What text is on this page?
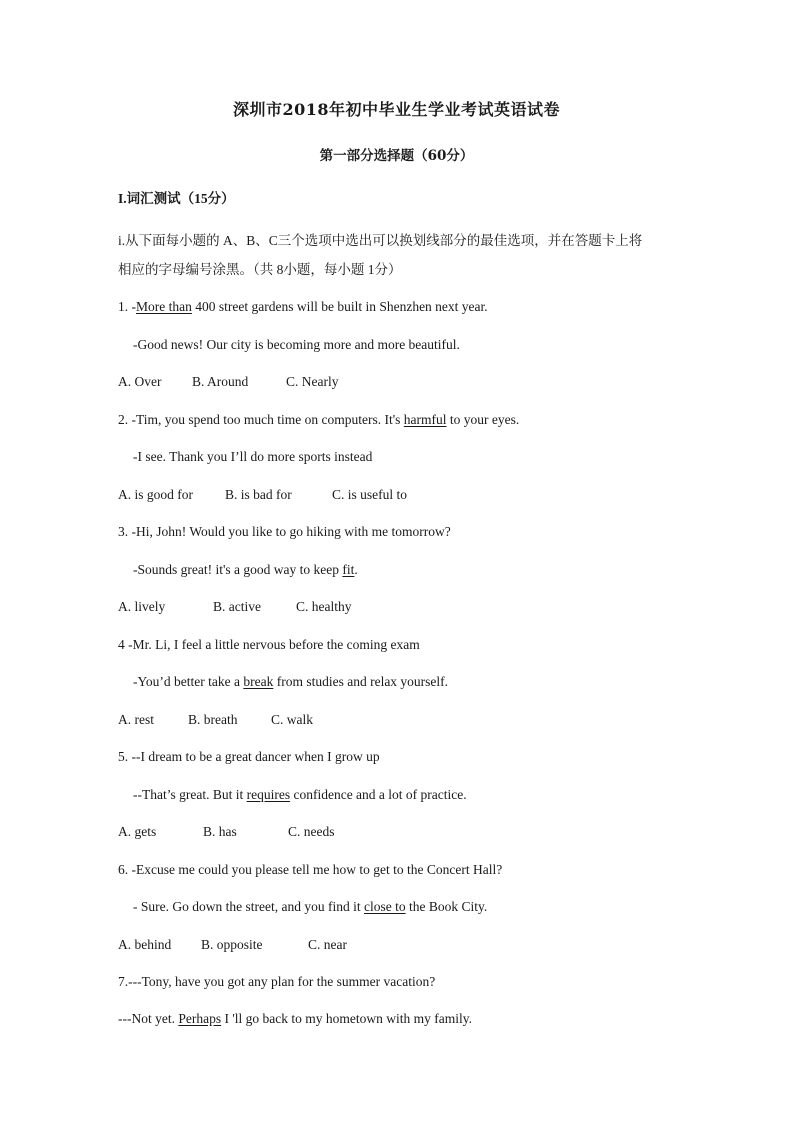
深圳市2018年初中毕业生学业考试英语试卷
第一部分选择题（60分）
I.词汇测试（15分）
i.从下面每小题的 A、B、C三个选项中选出可以换划线部分的最佳选项，并在答题卡上将
相应的字母编号涂黑。（共 8小题，每小题 1分）
1. -More than 400 street gardens will be built in Shenzhen next year.
-Good news! Our city is becoming more and more beautiful.
A. Over B. Around	C. Nearly
2. -Tim, you spend too much time on computers. It's harmful to your eyes.
-I see. Thank you I’ll do more sports instead
A. is good for B. is bad for	C. is useful to
3. -Hi, John! Would you like to go hiking with me tomorrow?
-Sounds great! it's a good way to keep fit.
A. lively	B. active	C. healthy
4 -Mr. Li, I feel a little nervous before the coming exam
-You’d better take a break from studies and relax yourself.
A. rest	B. breath C. walk
5. --I dream to be a great dancer when I grow up
--That’s great. But it requires confidence and a lot of practice.
A. gets	B. has	C. needs
6. -Excuse me could you please tell me how to get to the Concert Hall?
- Sure. Go down the street, and you find it close to the Book City.
A. behind B. opposite	C. near
7.---Tony, have you got any plan for the summer vacation?
---Not yet. Perhaps I 'll go back to my hometown with my family.
